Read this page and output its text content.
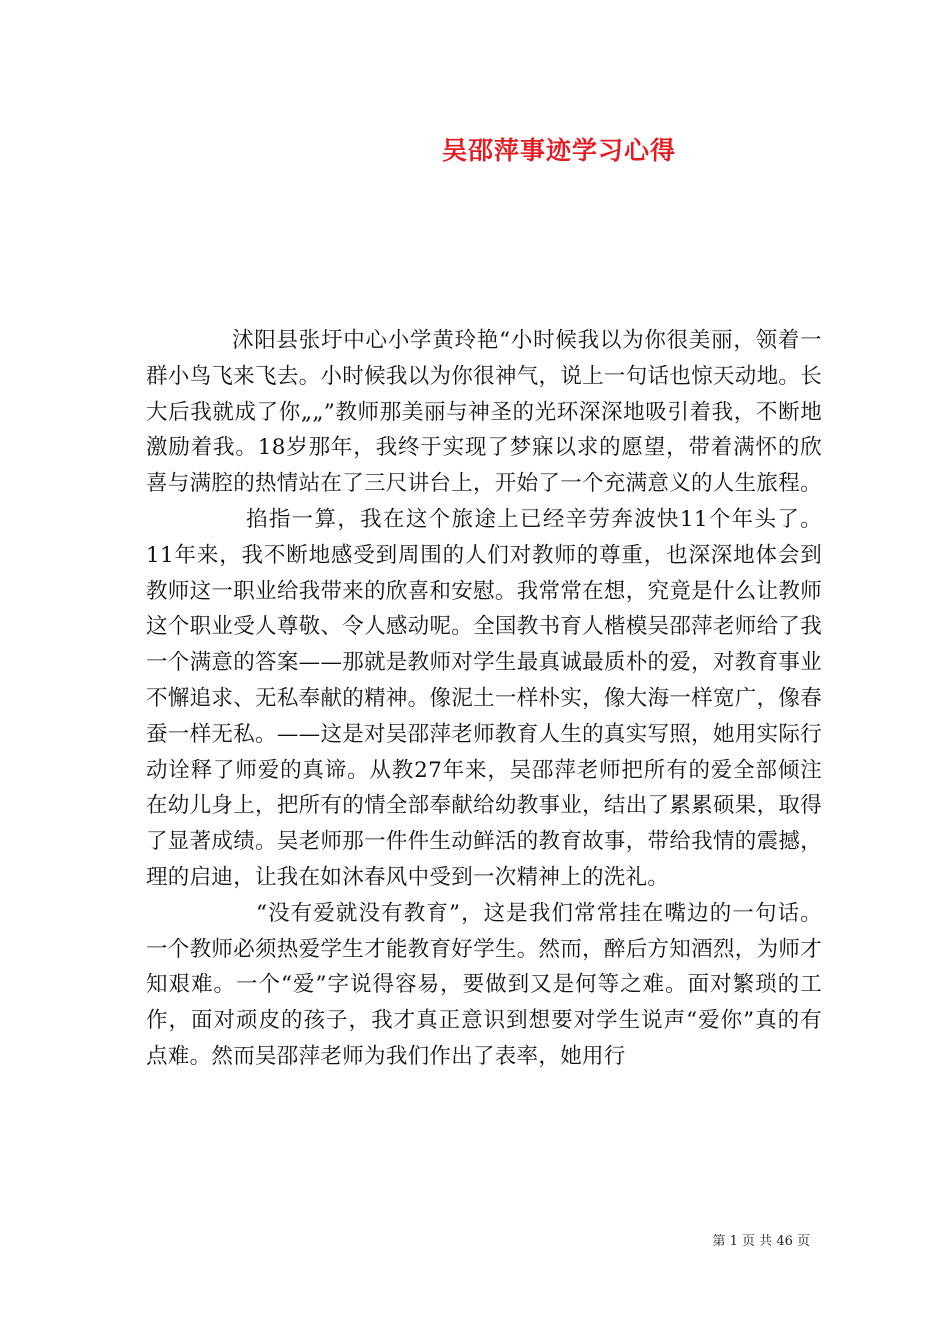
吴邵萍事迹学习心得

沭阳县张圩中心小学黄玲艳“小时候我以为你很美丽，领着一群小鸟飞来飞去。小时候我以为你很神气，说上一句话也惊天动地。长大后我就成了你„„”教师那美丽与神圣的光环深深地吸引着我，不断地激励着我。18岁那年，我终于实现了梦寐以求的愿望，带着满怀的欣喜与满腔的热情站在了三尺讲台上，开始了一个充满意义的人生旅程。

掐指一算，我在这个旅途上已经辛劳奔波快11个年头了。11年来，我不断地感受到周围的人们对教师的尊重，也深深地体会到教师这一职业给我带来的欣喜和安慰。我常常在想，究竟是什么让教师这个职业受人尊敬、令人感动呢。全国教书育人楷模吴邵萍老师给了我一个满意的答案——那就是教师对学生最真诚最质朴的爱，对教育事业不懈追求、无私奉献的精神。像泥土一样朴实，像大海一样宽广，像春蚕一样无私。——这是对吴邵萍老师教育人生的真实写照，她用实际行动诠释了师爱的真谛。从教27年来，吴邵萍老师把所有的爱全部倾注在幼儿身上，把所有的情全部奉献给幼教事业，结出了累累硕果，取得了显著成绩。吴老师那一件件生动鲜活的教育故事，带给我情的震撼，理的启迪，让我在如沐春风中受到一次精神上的洗礼。

“没有爱就没有教育”，这是我们常常挂在嘴边的一句话。一个教师必须热爱学生才能教育好学生。然而，醉后方知酒烈，为师才知艰难。一个“爱”字说得容易，要做到又是何等之难。面对繁琐的工作，面对顽皮的孩子，我才真正意识到想要对学生说声“爱你”真的有点难。然而吴邵萍老师为我们作出了表率，她用行

第 1 页 共 46 页
